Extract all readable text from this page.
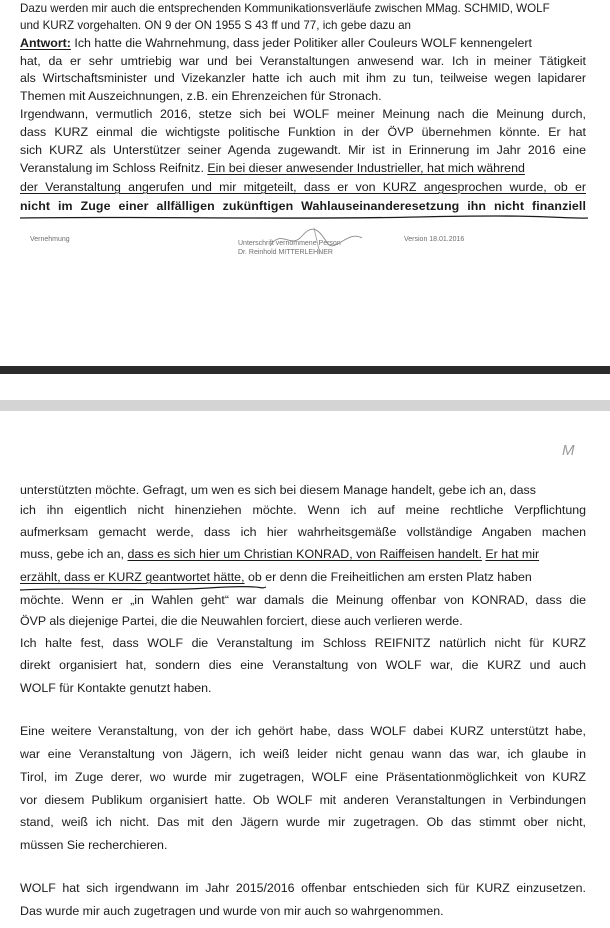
Dazu werden mir auch die entsprechenden Kommunikationsverläufe zwischen MMag. SCHMID, WOLF

und KURZ vorgehalten. ON 9 der ON 1955 S 43 ff und 77, ich gebe dazu an

Antwort: Ich hatte die Wahrnehmung, dass jeder Politiker aller Couleurs WOLF kennengelert

hat, da er sehr umtriebig war und bei Veranstaltungen anwesend war. Ich in meiner Tätigkeit

als Wirtschaftsminister und Vizekanzler hatte ich auch mit ihm zu tun, teilweise wegen lapidarer

Themen mit Auszeichnungen, z.B. ein Ehrenzeichen für Stronach.

Irgendwann, vermutlich 2016, stetze sich bei WOLF meiner Meinung nach die Meinung durch,

dass KURZ einmal die wichtigste politische Funktion in der ÖVP übernehmen könnte. Er hat

sich KURZ als Unterstützer seiner Agenda zugewandt. Mir ist in Erinnerung im Jahr 2016 eine

Veranstalung im Schloss Reifnitz. Ein bei dieser anwesender Industrieller, hat mich während

der Veranstaltung angerufen und mir mitgeteilt, dass er von KURZ angesprochen wurde, ob er

nicht im Zuge einer allfälligen zukünftigen Wahlauseinanderesetzung ihn nicht finanziell

Vernehmung
Unterschrift vernommene Person
Dr. Reinhold MITTERLEHNER
Version 18.01.2016
M

unterstützten möchte. Gefragt, um wen es sich bei diesem Manage handelt, gebe ich an, dass

ich ihn eigentlich nicht hinenziehen möchte. Wenn ich auf meine rechtliche Verpflichtung

aufmerksam gemacht werde, dass ich hier wahrheitsgemäße vollständige Angaben machen

muss, gebe ich an, dass es sich hier um Christian KONRAD, von Raiffeisen handelt. Er hat mir

erzählt, dass er KURZ geantwortet hätte, ob er denn die Freiheitlichen am ersten Platz haben

möchte. Wenn er „in Wahlen geht“ war damals die Meinung offenbar von KONRAD, dass die

ÖVP als diejenige Partei, die die Neuwahlen forciert, diese auch verlieren werde.

Ich halte fest, dass WOLF die Veranstaltung im Schloss REIFNITZ natürlich nicht für KURZ

direkt organisiert hat, sondern dies eine Veranstaltung von WOLF war, die KURZ und auch

WOLF für Kontakte genutzt haben.

Eine weitere Veranstaltung, von der ich gehört habe, dass WOLF dabei KURZ unterstützt habe,

war eine Veranstaltung von Jägern, ich weiß leider nicht genau wann das war, ich glaube in

Tirol, im Zuge derer, wo wurde mir zugetragen, WOLF eine Präsentationmöglichkeit von KURZ

vor diesem Publikum organisiert hatte. Ob WOLF mit anderen Veranstaltungen in Verbindungen

stand, weiß ich nicht. Das mit den Jägern wurde mir zugetragen. Ob das stimmt ober nicht,

müssen Sie recherchieren.

WOLF hat sich irgendwann im Jahr 2015/2016 offenbar entschieden sich für KURZ einzusetzen.

Das wurde mir auch zugetragen und wurde von mir auch so wahrgenommen.
